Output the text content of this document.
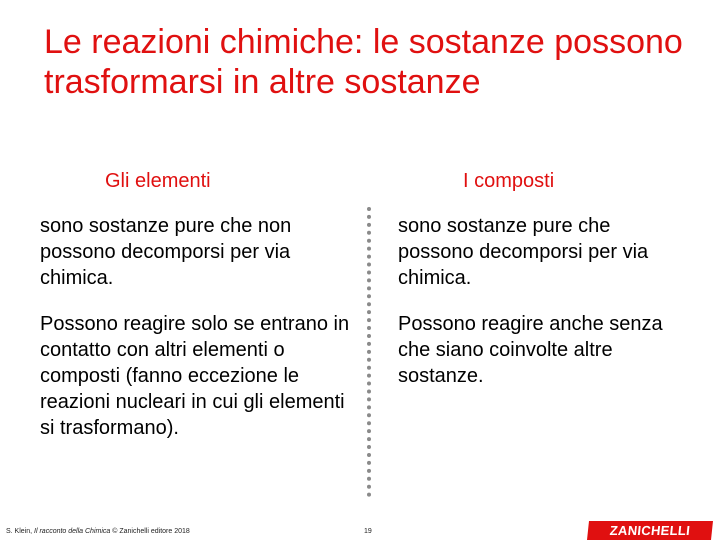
Le reazioni chimiche: le sostanze possono trasformarsi in altre sostanze
Gli elementi	I composti

sono sostanze pure che non possono decomporsi per via chimica.

Possono reagire solo se entrano in contatto con altri elementi o composti (fanno eccezione le reazioni nucleari in cui gli elementi si trasformano).

sono sostanze pure che possono decomporsi per via chimica.

Possono reagire anche senza che siano coinvolte altre sostanze.

S. Klein, Il racconto della Chimica © Zanichelli editore 2018	19	ZANICHELLI
